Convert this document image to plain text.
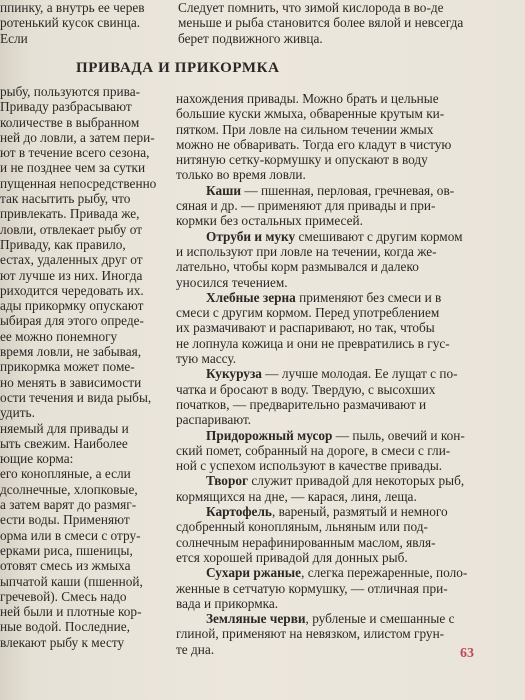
ппинку, а внутрь ее черев ротенький кусок свинца. Если
Следует помнить, что зимой кислорода в во-де меньше и рыба становится более вялой и невсегда берет подвижного живца.
ПРИВАДА И ПРИКОРМКА
рыбу, пользуются прива-
Приваду разбрасывают
количестве в выбранном
ней до ловли, а затем пери-
ют в течение всего сезона,
и не позднее чем за сутки
пущенная непосредственно
так насытить рыбу, что
привлекать. Привада же,
ловли, отвлекает рыбу от
Приваду, как правило,
естах, удаленных друг от
ют лучше из них. Иногда
риходится чередовать их.
ады прикормку опускают
ыбирая для этого опреде-
ее можно понемногу
время ловли, не забывая,
прикормка может поме-
но менять в зависимости
ости течения и вида рыбы,
удить.
няемый для привады и
ыть свежим. Наиболее
ющие корма:
его конопляные, а если
дсолнечные, хлопковые,
а затем варят до размяг-
ести воды. Применяют
орма или в смеси с отру-
ерками риса, пшеницы,
отовят смесь из жмыха
ыпчатой каши (пшенной,
гречевой). Смесь надо
ней были и плотные кор-
ные водой. Последние,
влекают рыбу к месту
нахождения привады. Можно брать и цельные
большие куски жмыха, обваренные крутым ки-
пятком. При ловле на сильном течении жмых
можно не обваривать. Тогда его кладут в чистую
нитяную сетку-кормушку и опускают в воду
только во время ловли.
Каши — пшенная, перловая, гречневая, ов-
сяная и др. — применяют для привады и при-
кормки без остальных примесей.
Отруби и муку смешивают с другим кормом
и используют при ловле на течении, когда же-
лательно, чтобы корм размывался и далеко
уносился течением.
Хлебные зерна применяют без смеси и в
смеси с другим кормом. Перед употреблением
их размачивают и распаривают, но так, чтобы
не лопнула кожица и они не превратились в гус-
тую массу.
Кукуруза — лучше молодая. Ее лущат с по-
чатка и бросают в воду. Твердую, с высохших
початков, — предварительно размачивают и
распаривают.
Придорожный мусор — пыль, овечий и кон-
ский помет, собранный на дороге, в смеси с гли-
ной с успехом используют в качестве привады.
Творог служит привадой для некоторых рыб,
кормящихся на дне, — карася, линя, леща.
Картофель, вареный, размятый и немного
сдобренный конопляным, льняным или под-
солнечным нерафинированным маслом, явля-
ется хорошей привадой для донных рыб.
Сухари ржаные, слегка пережаренные, поло-
женные в сетчатую кормушку, — отличная при-
вада и прикормка.
Земляные черви, рубленые и смешанные с
глиной, применяют на невязком, илистом грун-
те дна.	63
